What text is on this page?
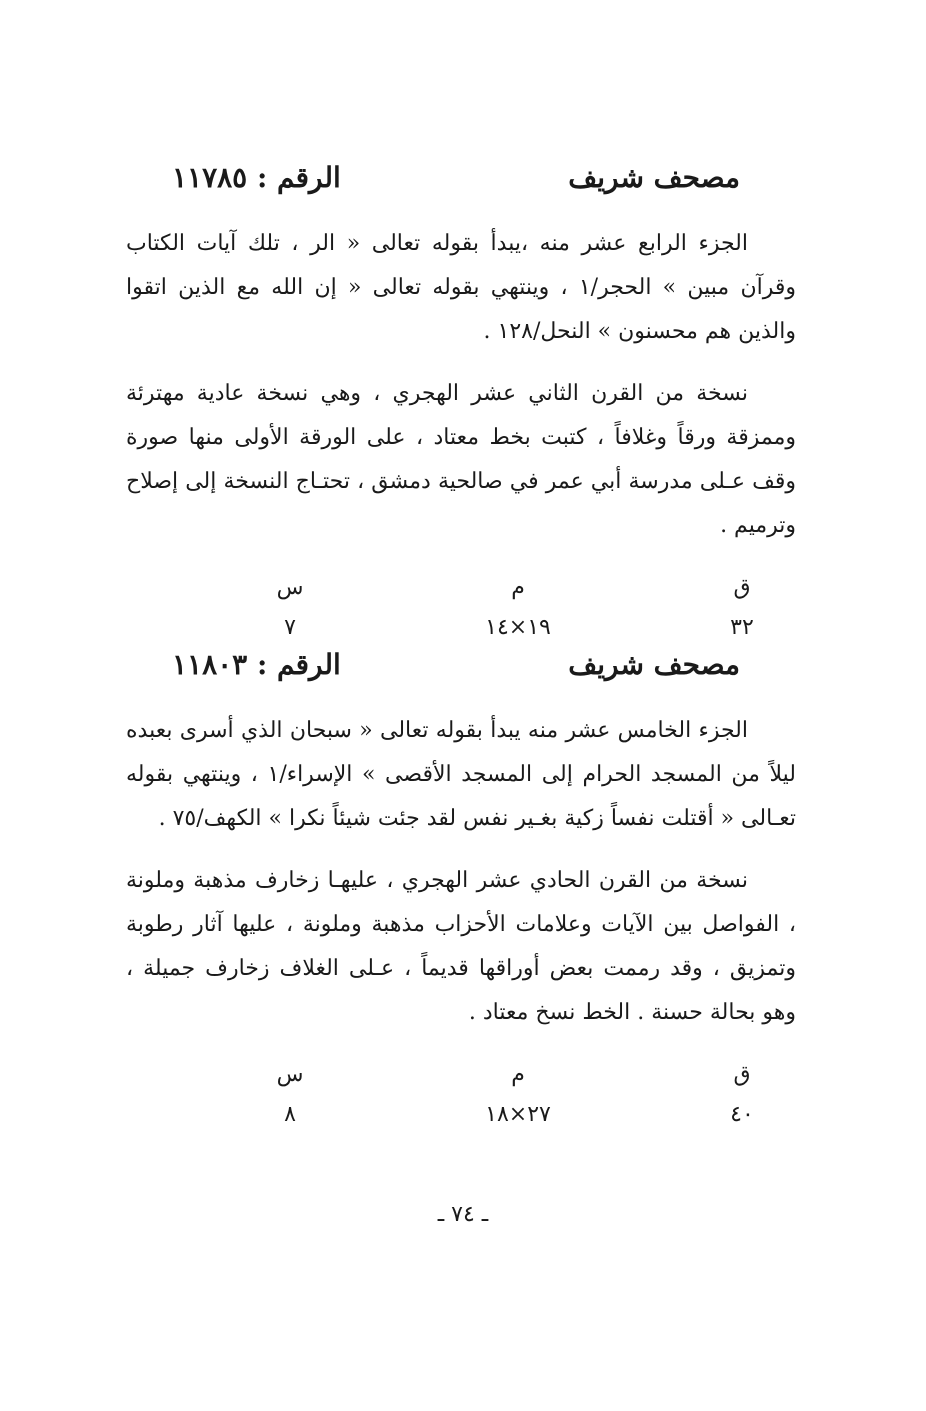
مصحف شريف
الرقم : ١١٧٨٥

الجزء الرابع عشر منه ،يبدأ بقوله تعالى « الر ، تلك آيات الكتاب وقرآن مبين » الحجر/١ ، وينتهي بقوله تعالى « إن الله مع الذين اتقوا والذين هم محسنون » النحل/١٢٨ .

نسخة من القرن الثاني عشر الهجري ، وهي نسخة عادية مهترئة وممزقة ورقاً وغلافاً ، كتبت بخط معتاد ، على الورقة الأولى منها صورة وقف عـلى مدرسة أبي عمر في صالحية دمشق ، تحتـاج النسخة إلى إصلاح وترميم .

ق
٣٢
م
١٩×١٤
س
٧
مصحف شريف
الرقم : ١١٨٠٣

الجزء الخامس عشر منه يبدأ بقوله تعالى « سبحان الذي أسرى بعبده ليلاً من المسجد الحرام إلى المسجد الأقصى » الإسراء/١ ، وينتهي بقوله تعـالى « أقتلت نفساً زكية بغـير نفس لقد جئت شيئاً نكرا » الكهف/٧٥ .

نسخة من القرن الحادي عشر الهجري ، عليهـا زخارف مذهبة وملونة ، الفواصل بين الآيات وعلامات الأحزاب مذهبة وملونة ، عليها آثار رطوبة وتمزيق ، وقد رممت بعض أوراقها قديماً ، عـلى الغلاف زخارف جميلة ، وهو بحالة حسنة . الخط نسخ معتاد .

ق
٤٠
م
٢٧×١٨
س
٨
ـ ٧٤ ـ
